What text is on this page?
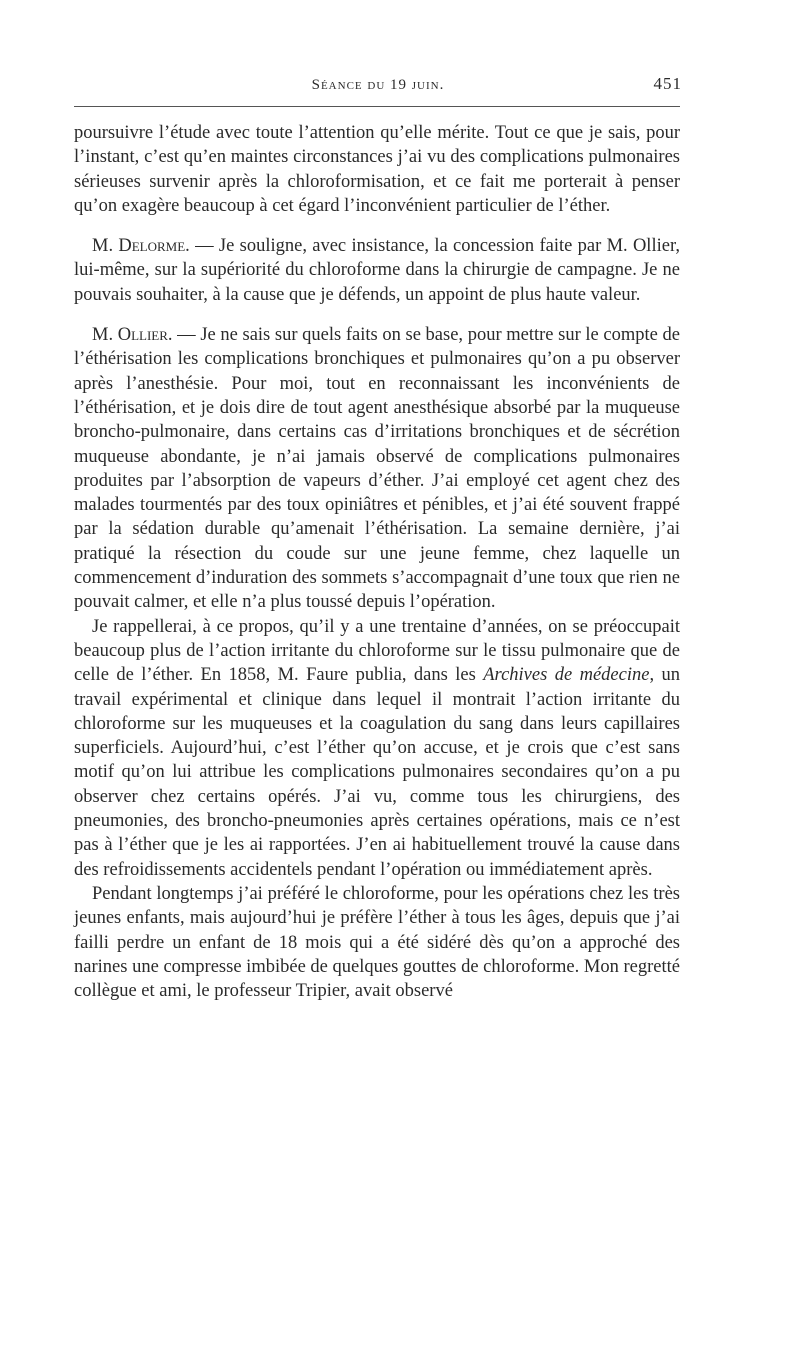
Séance du 19 juin.	451

poursuivre l’étude avec toute l’attention qu’elle mérite. Tout ce que je sais, pour l’instant, c’est qu’en maintes circonstances j’ai vu des complications pulmonaires sérieuses survenir après la chloroformisation, et ce fait me porterait à penser qu’on exagère beaucoup à cet égard l’inconvénient particulier de l’éther.

M. Delorme. — Je souligne, avec insistance, la concession faite par M. Ollier, lui-même, sur la supériorité du chloroforme dans la chirurgie de campagne. Je ne pouvais souhaiter, à la cause que je défends, un appoint de plus haute valeur.

M. Ollier. — Je ne sais sur quels faits on se base, pour mettre sur le compte de l’éthérisation les complications bronchiques et pulmonaires qu’on a pu observer après l’anesthésie. Pour moi, tout en reconnaissant les inconvénients de l’éthérisation, et je dois dire de tout agent anesthésique absorbé par la muqueuse broncho-pulmonaire, dans certains cas d’irritations bronchiques et de sécrétion muqueuse abondante, je n’ai jamais observé de complications pulmonaires produites par l’absorption de vapeurs d’éther. J’ai employé cet agent chez des malades tourmentés par des toux opiniâtres et pénibles, et j’ai été souvent frappé par la sédation durable qu’amenait l’éthérisation. La semaine dernière, j’ai pratiqué la résection du coude sur une jeune femme, chez laquelle un commencement d’induration des sommets s’accompagnait d’une toux que rien ne pouvait calmer, et elle n’a plus toussé depuis l’opération.

Je rappellerai, à ce propos, qu’il y a une trentaine d’années, on se préoccupait beaucoup plus de l’action irritante du chloroforme sur le tissu pulmonaire que de celle de l’éther. En 1858, M. Faure publia, dans les Archives de médecine, un travail expérimental et clinique dans lequel il montrait l’action irritante du chloroforme sur les muqueuses et la coagulation du sang dans leurs capillaires superficiels. Aujourd’hui, c’est l’éther qu’on accuse, et je crois que c’est sans motif qu’on lui attribue les complications pulmonaires secondaires qu’on a pu observer chez certains opérés. J’ai vu, comme tous les chirurgiens, des pneumonies, des broncho-pneumonies après certaines opérations, mais ce n’est pas à l’éther que je les ai rapportées. J’en ai habituellement trouvé la cause dans des refroidissements accidentels pendant l’opération ou immédiatement après.

Pendant longtemps j’ai préféré le chloroforme, pour les opérations chez les très jeunes enfants, mais aujourd’hui je préfère l’éther à tous les âges, depuis que j’ai failli perdre un enfant de 18 mois qui a été sidéré dès qu’on a approché des narines une compresse imbibée de quelques gouttes de chloroforme. Mon regretté collègue et ami, le professeur Tripier, avait observé
